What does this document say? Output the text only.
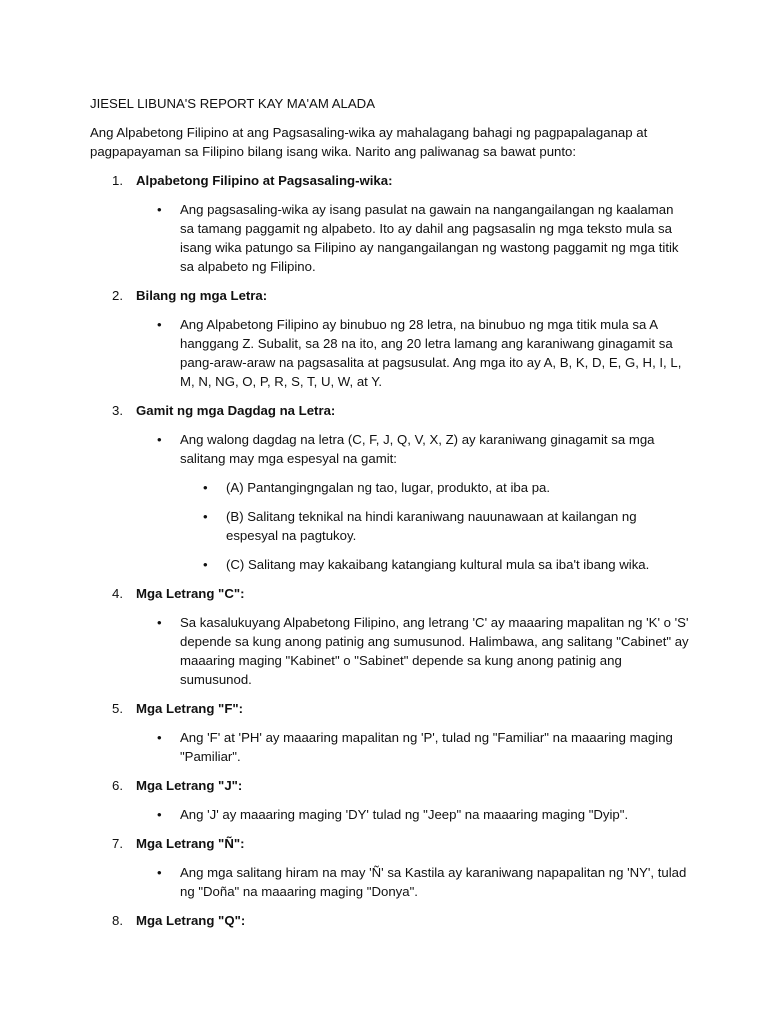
JIESEL LIBUNA'S REPORT KAY MA'AM ALADA

Ang Alpabetong Filipino at ang Pagsasaling-wika ay mahalagang bahagi ng pagpapalaganap at pagpapayaman sa Filipino bilang isang wika. Narito ang paliwanag sa bawat punto:

1. Alpabetong Filipino at Pagsasaling-wika:
• Ang pagsasaling-wika ay isang pasulat na gawain na nangangailangan ng kaalaman sa tamang paggamit ng alpabeto. Ito ay dahil ang pagsasalin ng mga teksto mula sa isang wika patungo sa Filipino ay nangangailangan ng wastong paggamit ng mga titik sa alpabeto ng Filipino.
2. Bilang ng mga Letra:
• Ang Alpabetong Filipino ay binubuo ng 28 letra, na binubuo ng mga titik mula sa A hanggang Z. Subalit, sa 28 na ito, ang 20 letra lamang ang karaniwang ginagamit sa pang-araw-araw na pagsasalita at pagsusulat. Ang mga ito ay A, B, K, D, E, G, H, I, L, M, N, NG, O, P, R, S, T, U, W, at Y.
3. Gamit ng mga Dagdag na Letra:
• Ang walong dagdag na letra (C, F, J, Q, V, X, Z) ay karaniwang ginagamit sa mga salitang may mga espesyal na gamit:
• (A) Pantangingngalan ng tao, lugar, produkto, at iba pa.
• (B) Salitang teknikal na hindi karaniwang nauunawaan at kailangan ng espesyal na pagtukoy.
• (C) Salitang may kakaibang katangiang kultural mula sa iba't ibang wika.
4. Mga Letrang "C":
• Sa kasalukuyang Alpabetong Filipino, ang letrang 'C' ay maaaring mapalitan ng 'K' o 'S' depende sa kung anong patinig ang sumusunod. Halimbawa, ang salitang "Cabinet" ay maaaring maging "Kabinet" o "Sabinet" depende sa kung anong patinig ang sumusunod.
5. Mga Letrang "F":
• Ang 'F' at 'PH' ay maaaring mapalitan ng 'P', tulad ng "Familiar" na maaaring maging "Pamiliar".
6. Mga Letrang "J":
• Ang 'J' ay maaaring maging 'DY' tulad ng "Jeep" na maaaring maging "Dyip".
7. Mga Letrang "Ñ":
• Ang mga salitang hiram na may 'Ñ' sa Kastila ay karaniwang napapalitan ng 'NY', tulad ng "Doña" na maaaring maging "Donya".
8. Mga Letrang "Q":
